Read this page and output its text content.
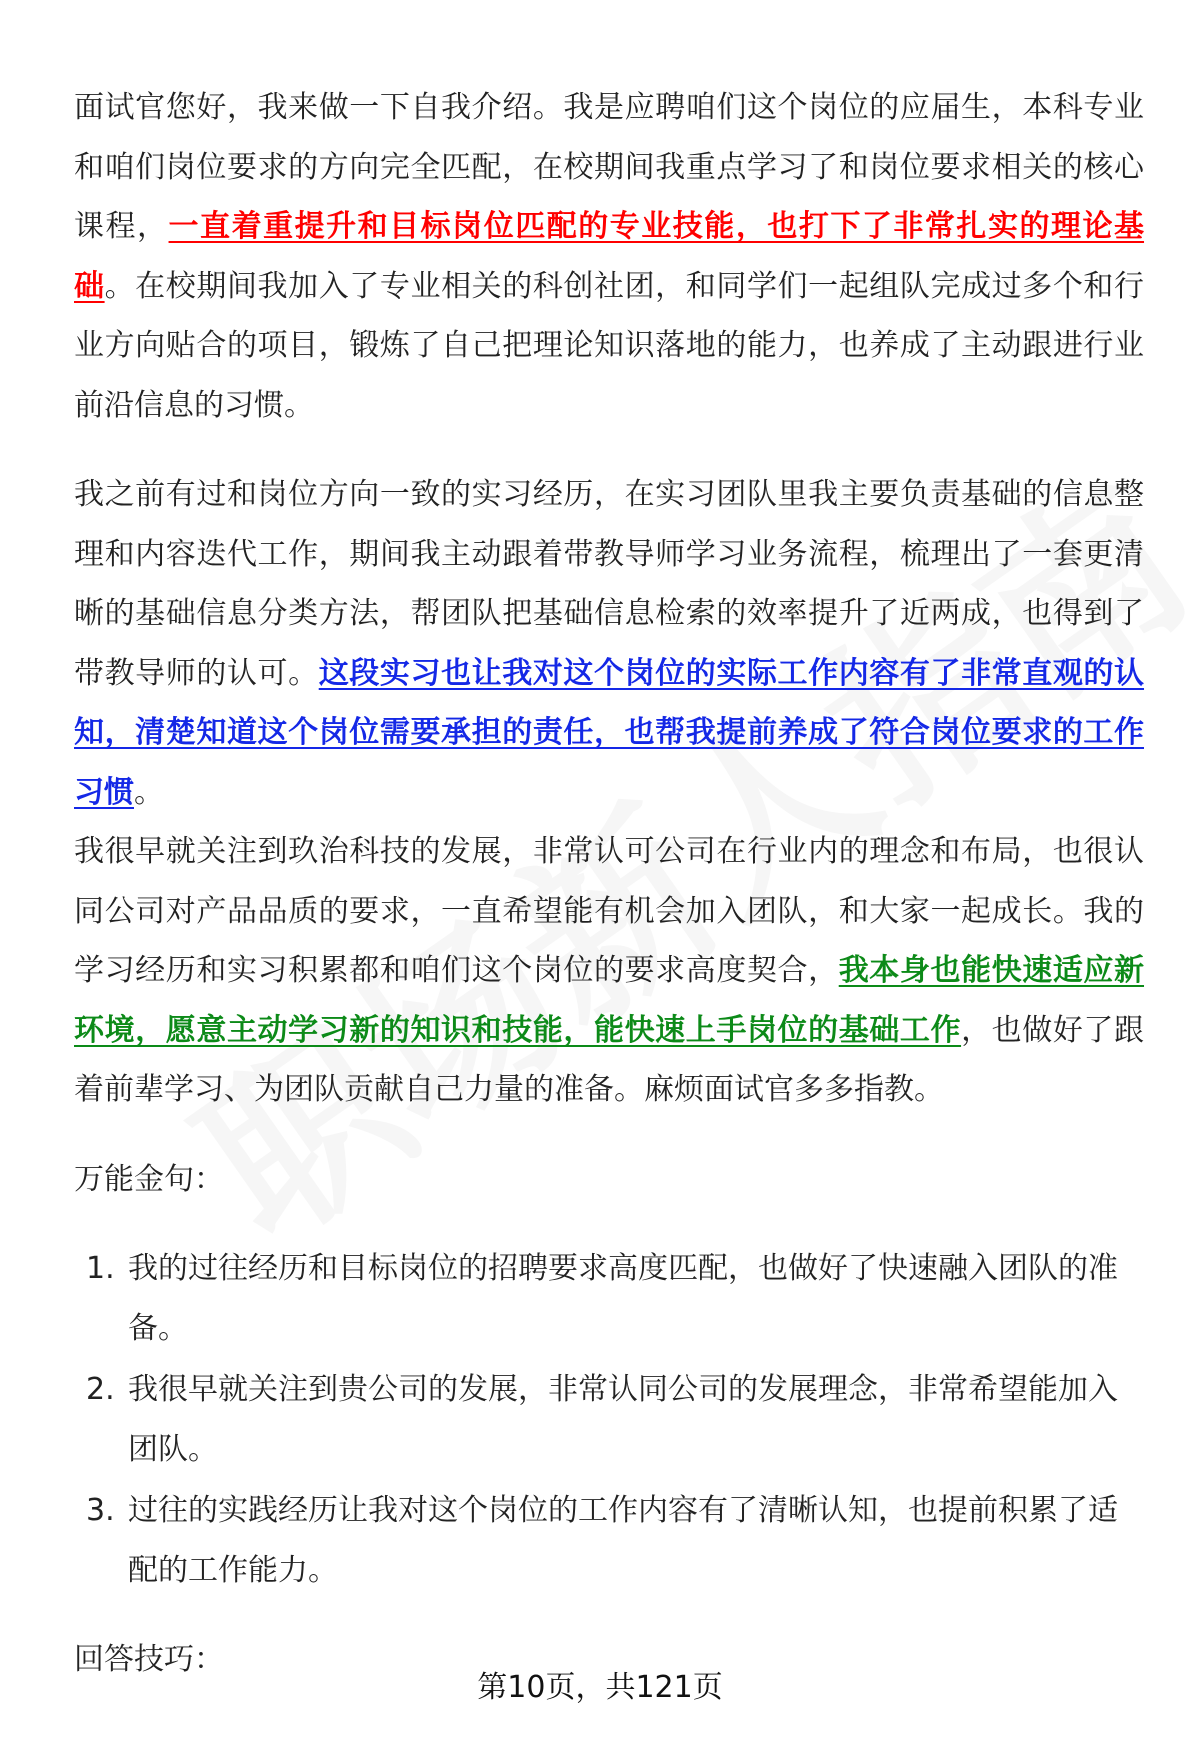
面试官您好，我来做一下自我介绍。我是应聘咱们这个岗位的应届生，本科专业和咱们岗位要求的方向完全匹配，在校期间我重点学习了和岗位要求相关的核心课程，一直着重提升和目标岗位匹配的专业技能，也打下了非常扎实的理论基础。在校期间我加入了专业相关的科创社团，和同学们一起组队完成过多个和行业方向贴合的项目，锻炼了自己把理论知识落地的能力，也养成了主动跟进行业前沿信息的习惯。

我之前有过和岗位方向一致的实习经历，在实习团队里我主要负责基础的信息整理和内容迭代工作，期间我主动跟着带教导师学习业务流程，梳理出了一套更清晰的基础信息分类方法，帮团队把基础信息检索的效率提升了近两成，也得到了带教导师的认可。这段实习也让我对这个岗位的实际工作内容有了非常直观的认知，清楚知道这个岗位需要承担的责任，也帮我提前养成了符合岗位要求的工作习惯。

我很早就关注到玖治科技的发展，非常认可公司在行业内的理念和布局，也很认同公司对产品品质的要求，一直希望能有机会加入团队，和大家一起成长。我的学习经历和实习积累都和咱们这个岗位的要求高度契合，我本身也能快速适应新环境，愿意主动学习新的知识和技能，能快速上手岗位的基础工作，也做好了跟着前辈学习、为团队贡献自己力量的准备。麻烦面试官多多指教。

万能金句：

1. 我的过往经历和目标岗位的招聘要求高度匹配，也做好了快速融入团队的准备。
2. 我很早就关注到贵公司的发展，非常认同公司的发展理念，非常希望能加入团队。
3. 过往的实践经历让我对这个岗位的工作内容有了清晰认知，也提前积累了适配的工作能力。

回答技巧：

第10页，共121页
